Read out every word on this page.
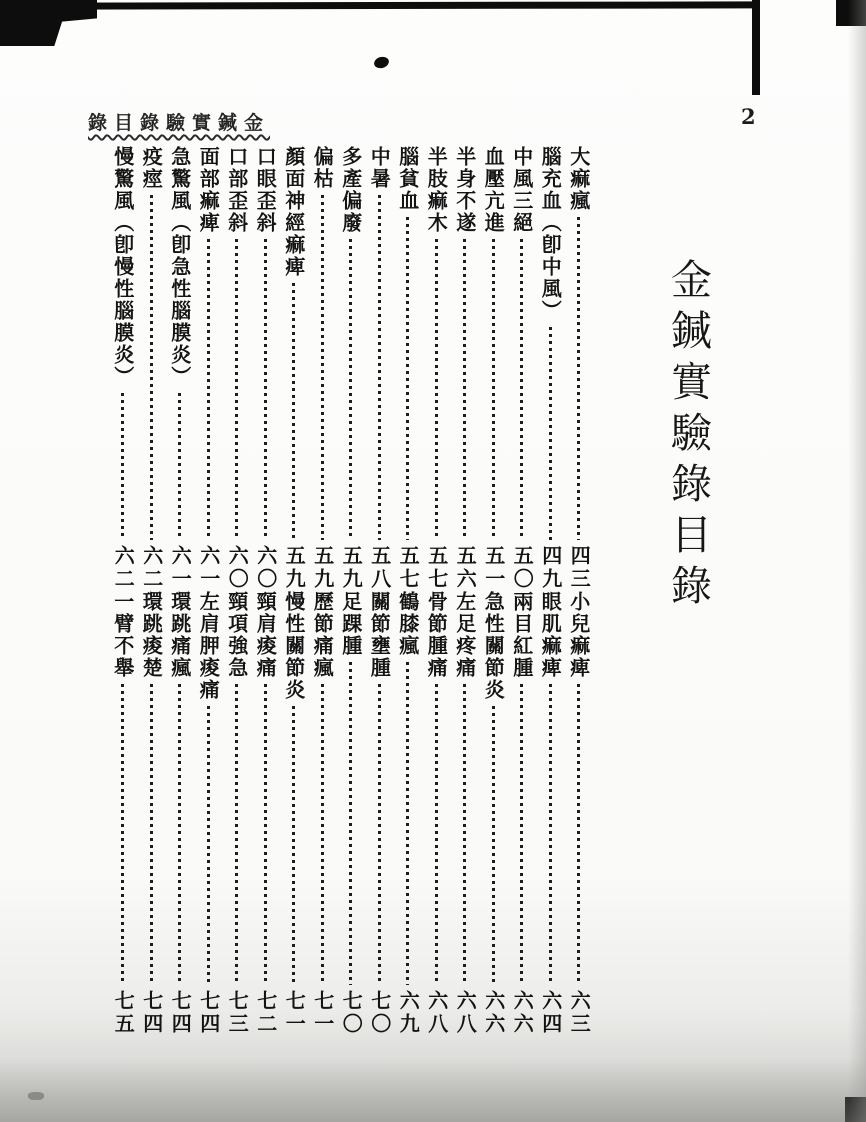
錄目錄驗實鍼金	2
金鍼實驗錄目錄
大痲瘋
四三
小兒痲痺
六三
腦充血（卽中風）
四九
眼肌痲痺
六四
中風三絕
五〇
兩目紅腫
六六
血壓亢進
五一
急性關節炎
六六
半身不遂
五六
左足疼痛
六八
半肢痲木
五七
骨節腫痛
六八
腦貧血
五七
鶴膝瘋
六九
中暑
五八
關節壅腫
七〇
多產偏廢
五九
足踝腫
七〇
偏枯
五九
歷節痛瘋
七一
顏面神經痲痺
五九
慢性關節炎
七一
口眼歪斜
六〇
頸肩痠痛
七二
口部歪斜
六〇
頸項強急
七三
面部痲痺
六一
左肩胛痠痛
七四
急驚風（卽急性腦膜炎）
六一
環跳痛瘋
七四
疫痙
六二
環跳痠楚
七四
慢驚風（卽慢性腦膜炎）
六二
一臂不舉
七五
